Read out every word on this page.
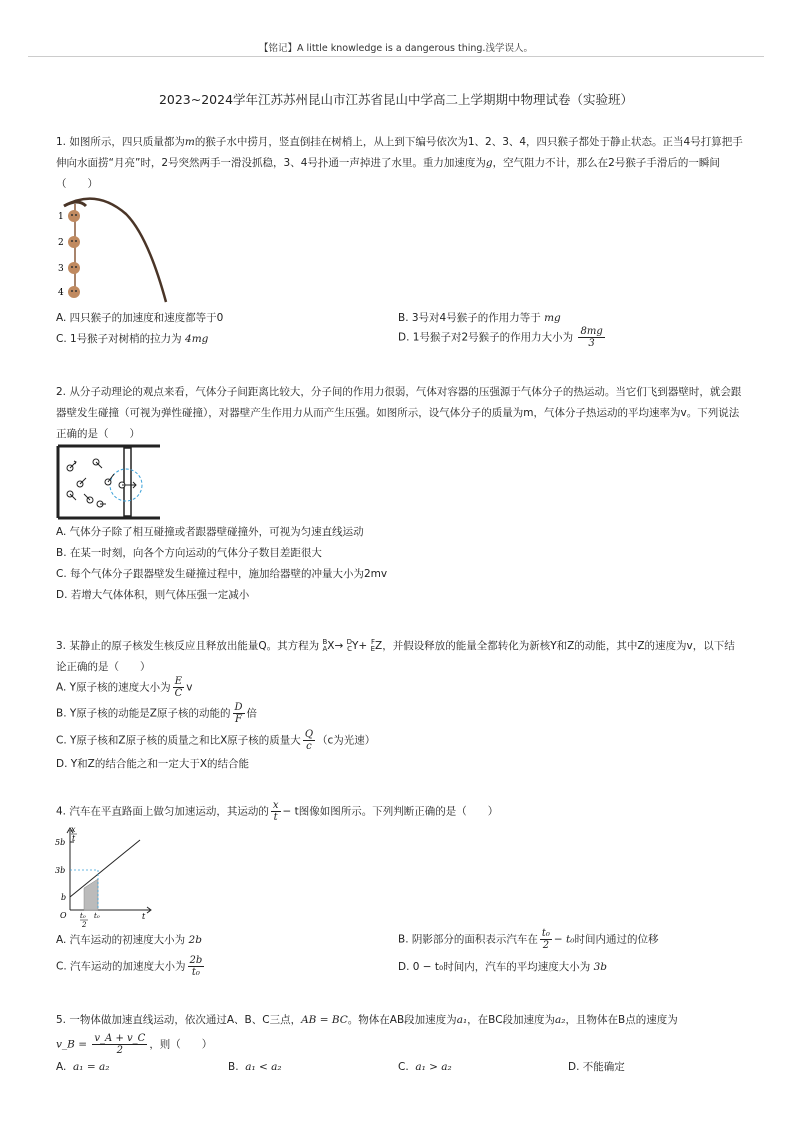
【铭记】A little knowledge is a dangerous thing.浅学误人。
2023~2024学年江苏苏州昆山市江苏省昆山中学高二上学期期中物理试卷（实验班）
1. 如图所示，四只质量都为m的猴子水中捞月，竖直倒挂在树梢上，从上到下编号依次为1、2、3、4，四只猴子都处于静止状态。正当4号打算把手
伸向水面捞“月亮”时，2号突然两手一滑没抓稳，3、4号扑通一声掉进了水里。重力加速度为g，空气阻力不计，那么在2号猴子手滑后的一瞬间
（　　）
1
2
3
4
A. 四只猴子的加速度和速度都等于0	B. 3号对4号猴子的作用力等于 mg
C. 1号猴子对树梢的拉力为 4mg	D. 1号猴子对2号猴子的作用力大小为 $\frac{8mg}{3}$
2. 从分子动理论的观点来看，气体分子间距离比较大，分子间的作用力很弱，气体对容器的压强源于气体分子的热运动。当它们飞到器壁时，就会跟
器壁发生碰撞（可视为弹性碰撞），对器壁产生作用力从而产生压强。如图所示，设气体分子的质量为m，气体分子热运动的平均速率为v。下列说法
正确的是（　　）
A. 气体分子除了相互碰撞或者跟器壁碰撞外，可视为匀速直线运动
B. 在某一时刻，向各个方向运动的气体分子数目差距很大
C. 每个气体分子跟器壁发生碰撞过程中，施加给器壁的冲量大小为2mv
D. 若增大气体体积，则气体压强一定减小
3. 某静止的原子核发生核反应且释放出能量Q。其方程为 B
A X→ D
C Y+ F
E Z，并假设释放的能量全都转化为新核Y和Z的动能，其中Z的速度为v，以下结
论正确的是（　　）
A. Y原子核的速度大小为 $\frac{E}{C}$ v
B. Y原子核的动能是Z原子核的动能的 $\frac{D}{F}$ 倍
C. Y原子核和Z原子核的质量之和比X原子核的质量大 $\frac{Q}{c} (c$为光速）
D. Y和Z的结合能之和一定大于X的结合能
4. 汽车在平直路面上做匀加速运动，其运动的 $\frac{x}{t} - t$图像如图所示。下列判断正确的是（　　）
x
t
5b
3b
b
O t₀
2
t₀	t
A. 汽车运动的初速度大小为 2b	B. 阴影部分的面积表示汽车在 $\frac{\text{t₀}}{2} - t_0$时间内通过的位移
C. 汽车运动的加速度大小为 $\frac{2b}{\text{t₀}}$	D. 0 − t₀时间内，汽车的平均速度大小为 3b
5. 一物体做加速直线运动，依次通过A、B、C三点，AB = BC。物体在AB段加速度为a₁，在BC段加速度为a₂，且物体在B点的速度为
v_B = $\frac{v\_A + v\_C}{2}$ ，则（　　）
A. a₁ = a₂	B. a₁ < a₂	C. a₁ > a₂	D. 不能确定
